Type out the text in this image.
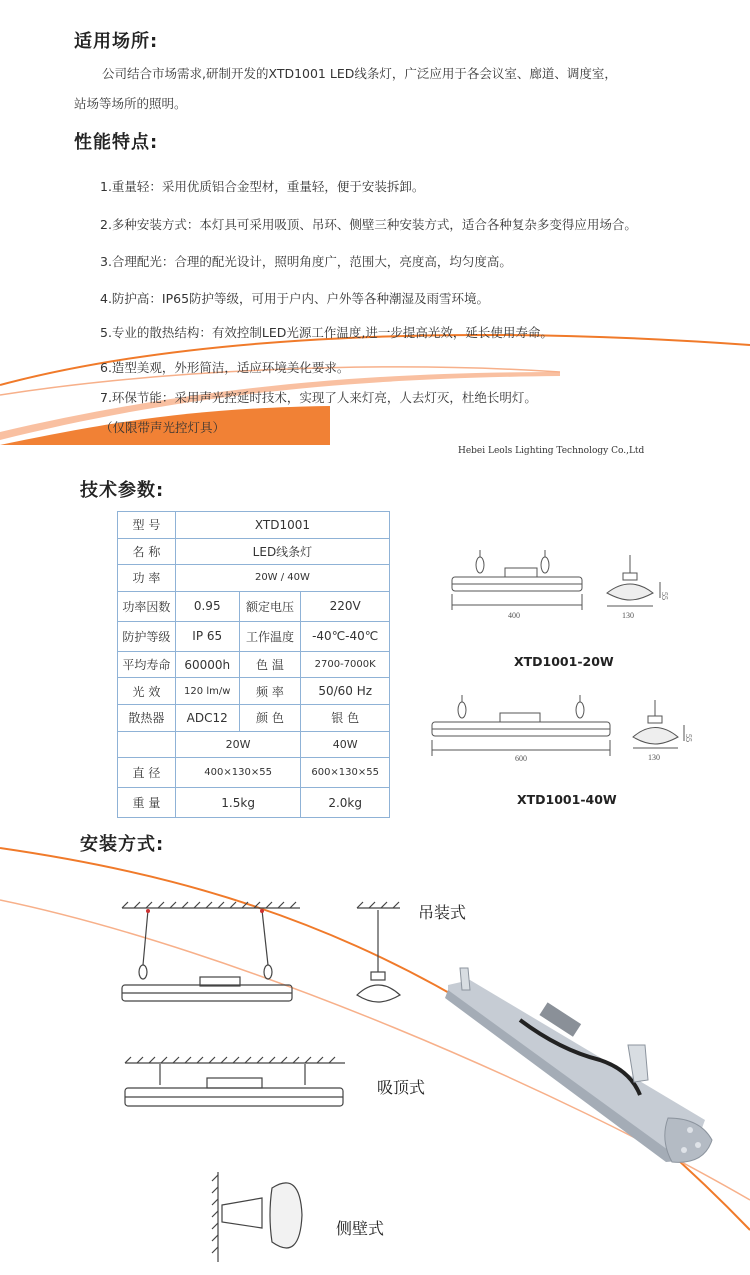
适用场所:
公司结合市场需求,研制开发的XTD1001 LED线条灯，广泛应用于各会议室、廊道、调度室，
站场等场所的照明。
性能特点:
1.重量轻：采用优质铝合金型材，重量轻，便于安装拆卸。
2.多种安装方式：本灯具可采用吸顶、吊环、侧壁三种安装方式，适合各种复杂多变得应用场合。
3.合理配光：合理的配光设计，照明角度广，范围大，亮度高，均匀度高。
4.防护高：IP65防护等级，可用于户内、户外等各种潮湿及雨雪环境。
5.专业的散热结构：有效控制LED光源工作温度,进一步提高光效，延长使用寿命。
6.造型美观，外形简洁，适应环境美化要求。
7.环保节能：采用声光控延时技术，实现了人来灯亮，人去灯灭，杜绝长明灯。
（仅限带声光控灯具）
Hebei Leols Lighting Technology Co.,Ltd
技术参数:
型 号	XTD1001		
名 称	LED线条灯		
功 率	20W / 40W		
功率因数	0.95	额定电压	220V
防护等级	IP 65	工作温度	-40℃-40℃
平均寿命	60000h	色 温	2700-7000K
光 效	120 lm/w	频 率	50/60 Hz
散热器	ADC12	颜 色	银 色
	20W		40W
直 径	400×130×55		600×130×55
重 量	1.5kg		2.0kg
400	130
55
600	130
55
XTD1001-20W
XTD1001-40W
安装方式:
吊装式
吸顶式
侧壁式
